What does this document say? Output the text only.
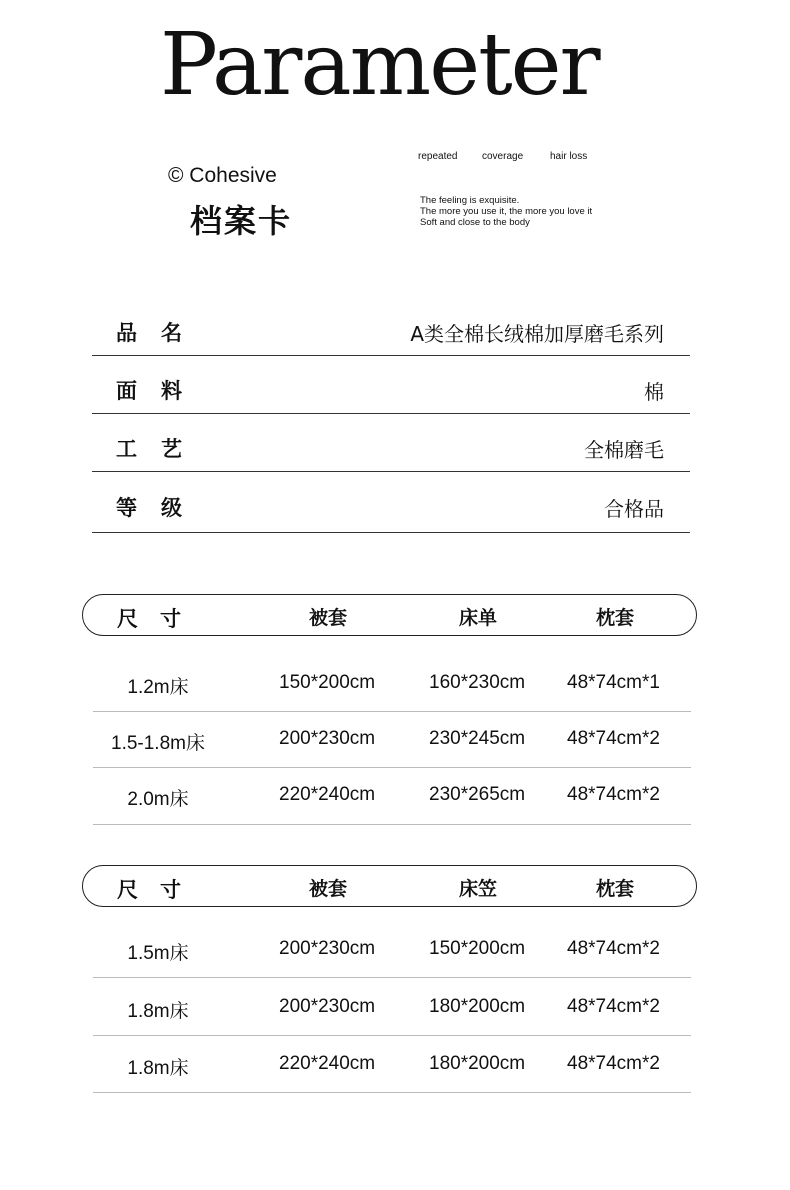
Parameter
© Cohesive
档案卡
repeated coverage	hair loss
The feeling is exquisite.
The more you use it, the more you love it
Soft and close to the body
品名	A类全棉长绒棉加厚磨毛系列
面料	棉
工艺	全棉磨毛
等级	合格品
尺寸	被套	床单	枕套
1.2m床	150*200cm	160*230cm 48*74cm*1
1.5-1.8m床	200*230cm	230*245cm 48*74cm*2
2.0m床	220*240cm	230*265cm 48*74cm*2
尺寸	被套	床笠	枕套
1.5m床	200*230cm	150*200cm 48*74cm*2
1.8m床	200*230cm	180*200cm 48*74cm*2
1.8m床	220*240cm	180*200cm 48*74cm*2
